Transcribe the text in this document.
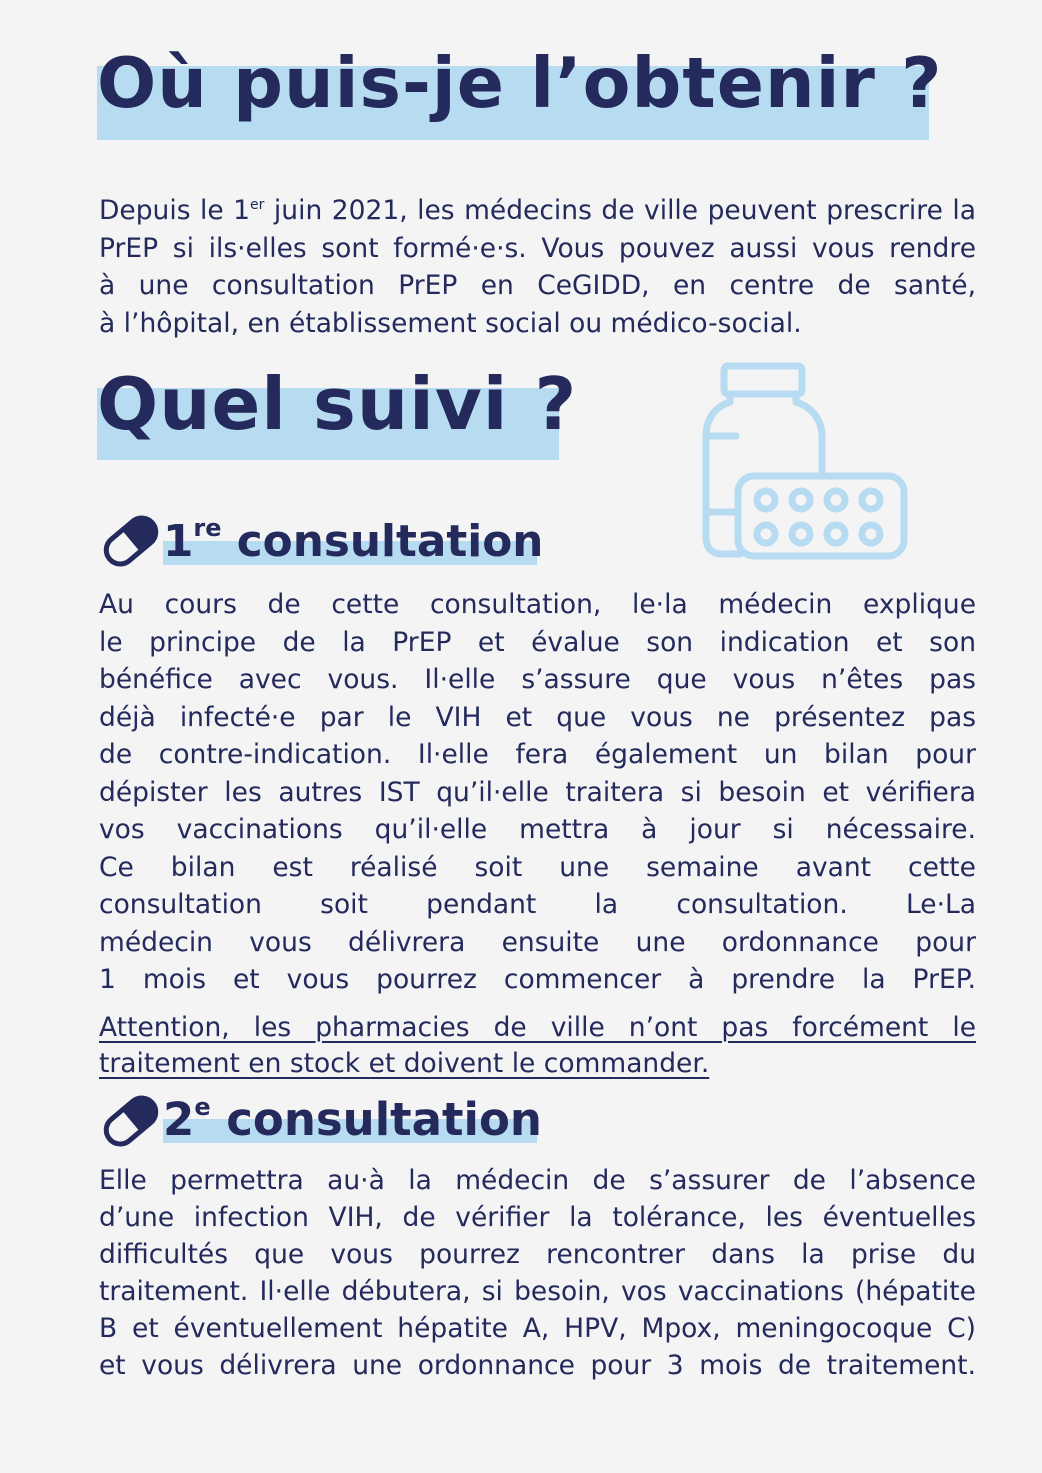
Où puis-je l’obtenir ?
Depuis le 1er juin 2021, les médecins de ville peuvent prescrire la
PrEP si ils·elles sont formé·e·s. Vous pouvez aussi vous rendre
à une consultation PrEP en CeGIDD, en centre de santé,
à l’hôpital, en établissement social ou médico-social.
Quel suivi ?
1re consultation
Au cours de cette consultation, le·la médecin explique
le principe de la PrEP et évalue son indication et son
bénéfice avec vous. Il·elle s’assure que vous n’êtes pas
déjà infecté·e par le VIH et que vous ne présentez pas
de contre-indication. Il·elle fera également un bilan pour
dépister les autres IST qu’il·elle traitera si besoin et vérifiera
vos vaccinations qu’il·elle mettra à jour si nécessaire.
Ce bilan est réalisé soit une semaine avant cette
consultation soit pendant la consultation. Le·La
médecin vous délivrera ensuite une ordonnance pour
1 mois et vous pourrez commencer à prendre la PrEP.
Attention, les pharmacies de ville n’ont pas forcément le
traitement en stock et doivent le commander.
2e consultation
Elle permettra au·à la médecin de s’assurer de l’absence
d’une infection VIH, de vérifier la tolérance, les éventuelles
difficultés que vous pourrez rencontrer dans la prise du
traitement. Il·elle débutera, si besoin, vos vaccinations (hépatite
B et éventuellement hépatite A, HPV, Mpox, meningocoque C)
et vous délivrera une ordonnance pour 3 mois de traitement.
